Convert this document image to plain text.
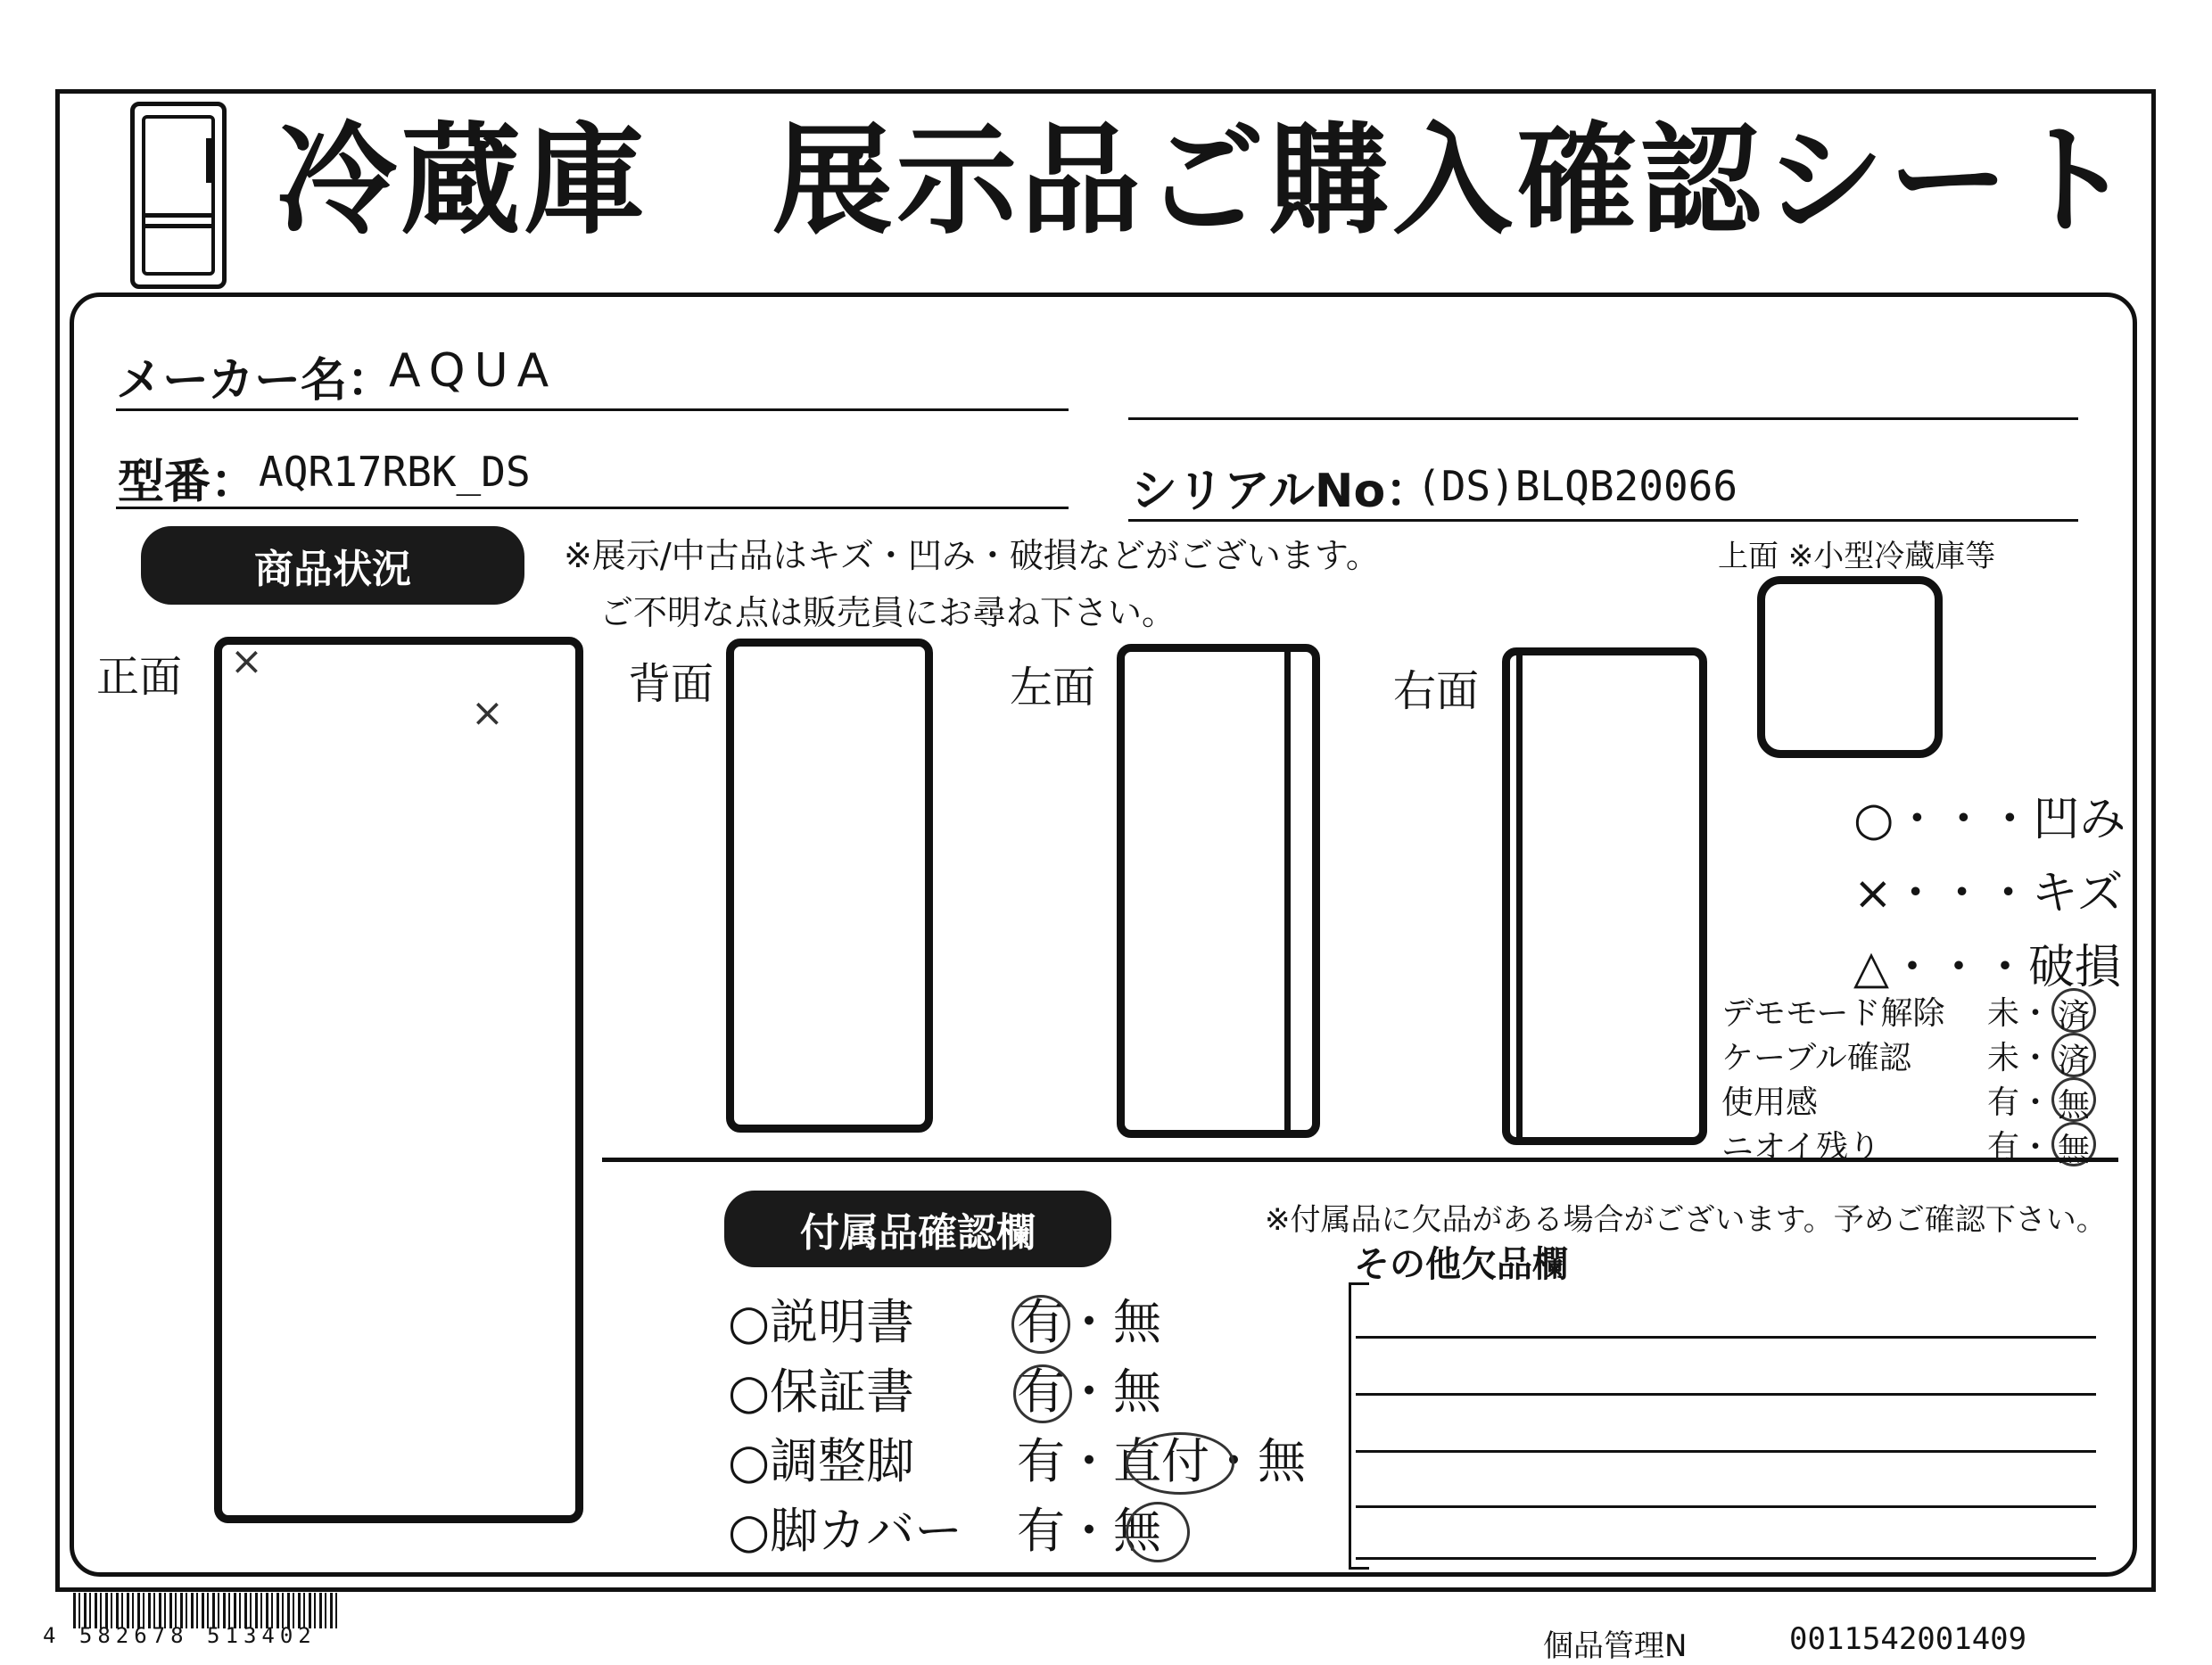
冷蔵庫　展示品ご購入確認シート
メーカー名：
AQUA
型番： AQR17RBK_DS	シリアルNo：
(DS)BLQB20066
商品状況	※展示/中古品はキズ・凹み・破損などがございます。
ご不明な点は販売員にお尋ね下さい。
正面 ×
×
背面	左面	右面
上面 ※小型冷蔵庫等
○・・・凹み
×・・・キズ
△・・・破損
デモモード解除	未 ・ 済
ケーブル確認	未 ・ 済
使用感	有 ・ 無
ニオイ残り	有 ・ 無
付属品確認欄	※付属品に欠品がある場合がございます。予めご確認下さい。
その他欠品欄
○説明書	有・無
○保証書	有・無
○調整脚	有・直付・無
○脚カバー	有・無
4 582678 513402	個品管理N	0011542001409
